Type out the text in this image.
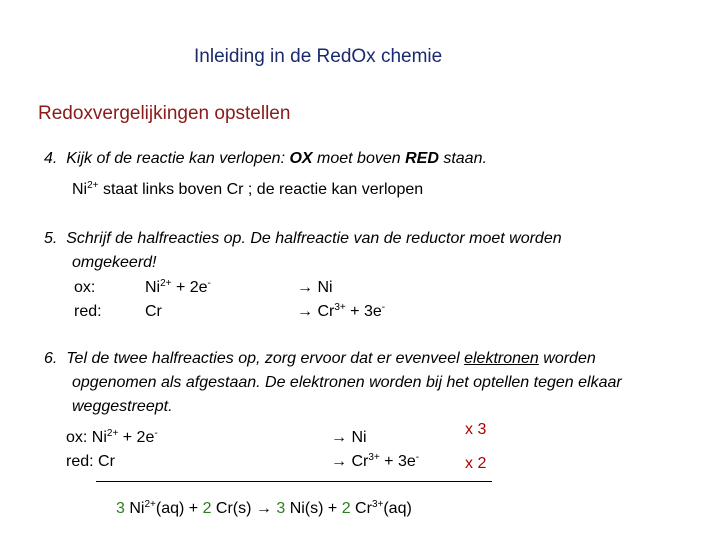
Inleiding in de RedOx chemie
Redoxvergelijkingen opstellen
4. Kijk of de reactie kan verlopen: OX moet boven RED staan.
$Ni^{2+}$ staat links boven Cr ; de reactie kan verlopen
5. Schrijf de halfreacties op. De halfreactie van de reductor moet worden
omgekeerd!
ox:	$Ni^{2+} + 2e^-$	→ Ni
red:	Cr	→ $Cr^{3+} + 3e^-$
6. Tel de twee halfreacties op, zorg ervoor dat er evenveel elektronen worden
opgenomen als afgestaan. De elektronen worden bij het optellen tegen elkaar
weggestreept.
ox: $Ni^{2+} + 2e^-$	→ Ni	x 3
red: Cr	→ $Cr^{3+} + 3e^-$	x 2
3 $Ni^{2+}(aq) + 2$ Cr(s) → 3 Ni(s) + 2 $Cr^{3+}(aq)$
